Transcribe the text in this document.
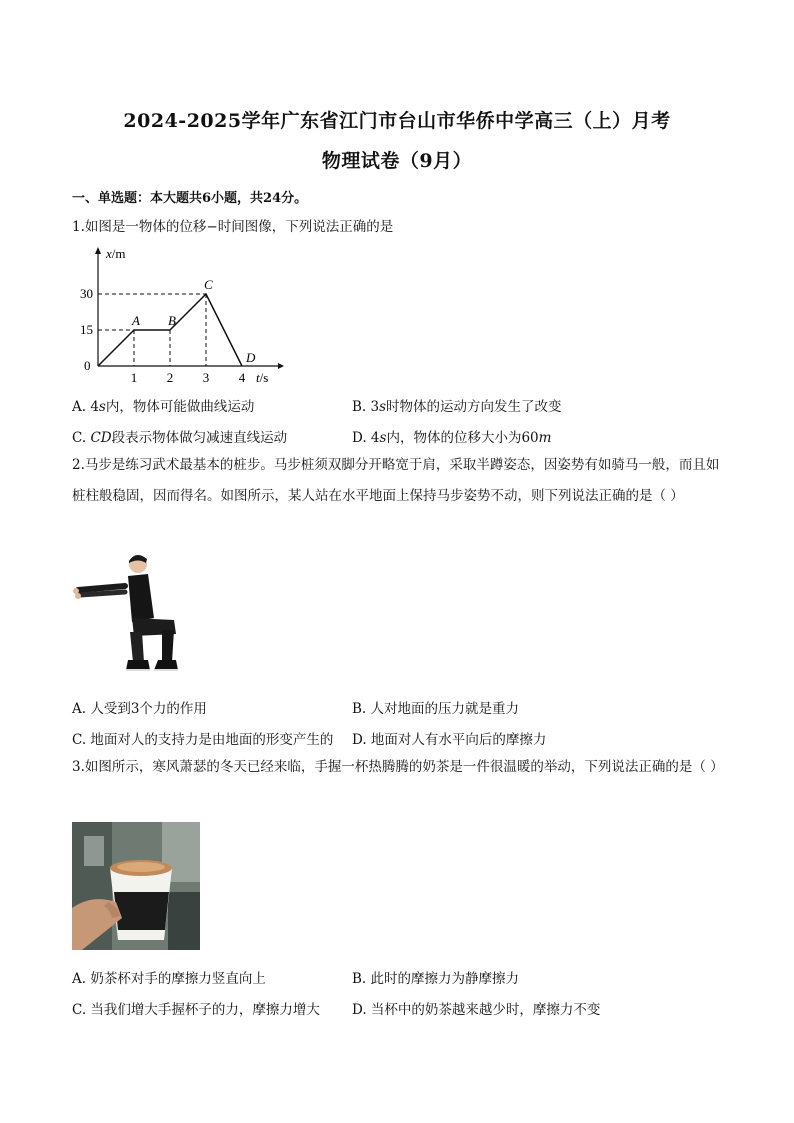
2024-2025学年广东省江门市台山市华侨中学高三（上）月考
物理试卷（9月）
一、单选题：本大题共6小题，共24分。
1.如图是一物体的位移−时间图像，下列说法正确的是
x/m
t/s
0
1 2 3 4
15
30
A B
C
D
A. 4s内，物体可能做曲线运动	B. 3s时物体的运动方向发生了改变
C. CD段表示物体做匀减速直线运动	D. 4s内，物体的位移大小为60m
2.马步是练习武术最基本的桩步。马步桩须双脚分开略宽于肩，采取半蹲姿态，因姿势有如骑马一般，而且如桩柱般稳固，因而得名。如图所示，某人站在水平地面上保持马步姿势不动，则下列说法正确的是（ ）
A. 人受到3个力的作用	B. 人对地面的压力就是重力
C. 地面对人的支持力是由地面的形变产生的 D. 地面对人有水平向后的摩擦力
3.如图所示，寒风萧瑟的冬天已经来临，手握一杯热腾腾的奶茶是一件很温暖的举动，下列说法正确的是（ ）
A. 奶茶杯对手的摩擦力竖直向上	B. 此时的摩擦力为静摩擦力
C. 当我们增大手握杯子的力，摩擦力增大 D. 当杯中的奶茶越来越少时，摩擦力不变
